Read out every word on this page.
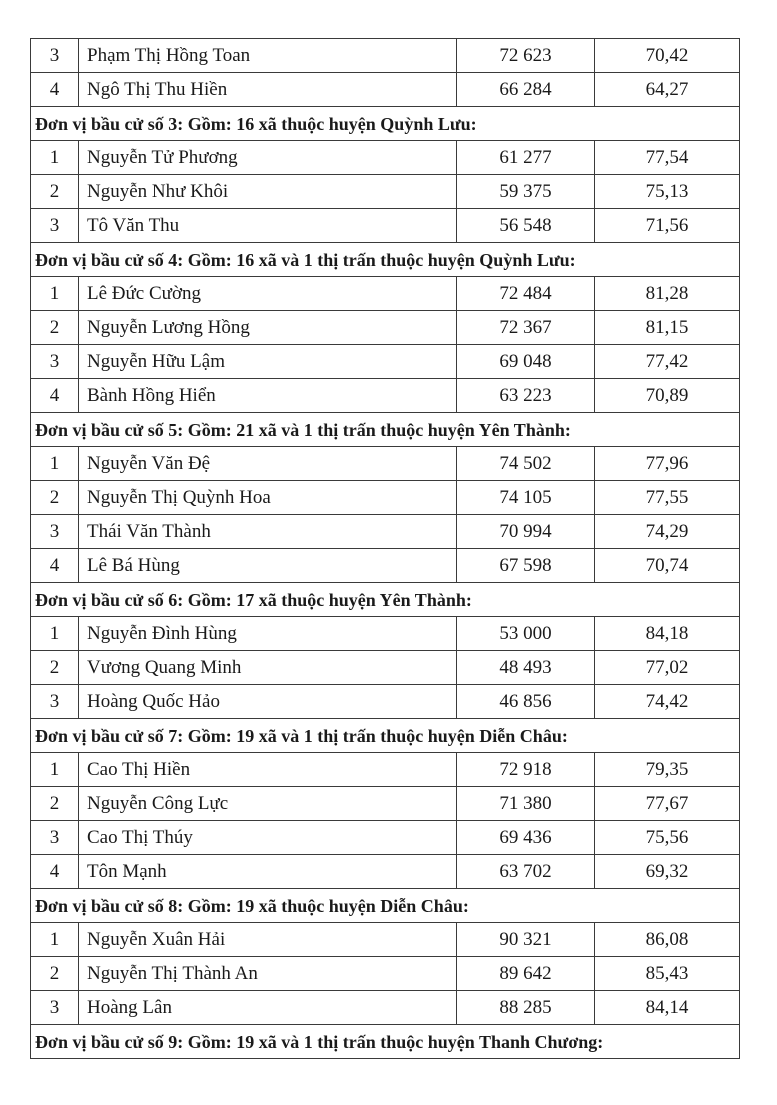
3	Phạm Thị Hồng Toan	72 623	70,42
4	Ngô Thị Thu Hiền	66 284	64,27
Đơn vị bầu cử số 3: Gồm: 16 xã thuộc huyện Quỳnh Lưu:			
1	Nguyễn Tử Phương	61 277	77,54
2	Nguyễn Như Khôi	59 375	75,13
3	Tô Văn Thu	56 548	71,56
Đơn vị bầu cử số 4: Gồm: 16 xã và 1 thị trấn thuộc huyện Quỳnh Lưu:			
1	Lê Đức Cường	72 484	81,28
2	Nguyễn Lương Hồng	72 367	81,15
3	Nguyễn Hữu Lậm	69 048	77,42
4	Bành Hồng Hiển	63 223	70,89
Đơn vị bầu cử số 5: Gồm: 21 xã và 1 thị trấn thuộc huyện Yên Thành:			
1	Nguyễn Văn Đệ	74 502	77,96
2	Nguyễn Thị Quỳnh Hoa	74 105	77,55
3	Thái Văn Thành	70 994	74,29
4	Lê Bá Hùng	67 598	70,74
Đơn vị bầu cử số 6: Gồm: 17 xã thuộc huyện Yên Thành:			
1	Nguyễn Đình Hùng	53 000	84,18
2	Vương Quang Minh	48 493	77,02
3	Hoàng Quốc Hảo	46 856	74,42
Đơn vị bầu cử số 7: Gồm: 19 xã và 1 thị trấn thuộc huyện Diễn Châu:			
1	Cao Thị Hiền	72 918	79,35
2	Nguyễn Công Lực	71 380	77,67
3	Cao Thị Thúy	69 436	75,56
4	Tôn Mạnh	63 702	69,32
Đơn vị bầu cử số 8: Gồm: 19 xã thuộc huyện Diễn Châu:			
1	Nguyễn Xuân Hải	90 321	86,08
2	Nguyễn Thị Thành An	89 642	85,43
3	Hoàng Lân	88 285	84,14
Đơn vị bầu cử số 9: Gồm: 19 xã và 1 thị trấn thuộc huyện Thanh Chương:			
